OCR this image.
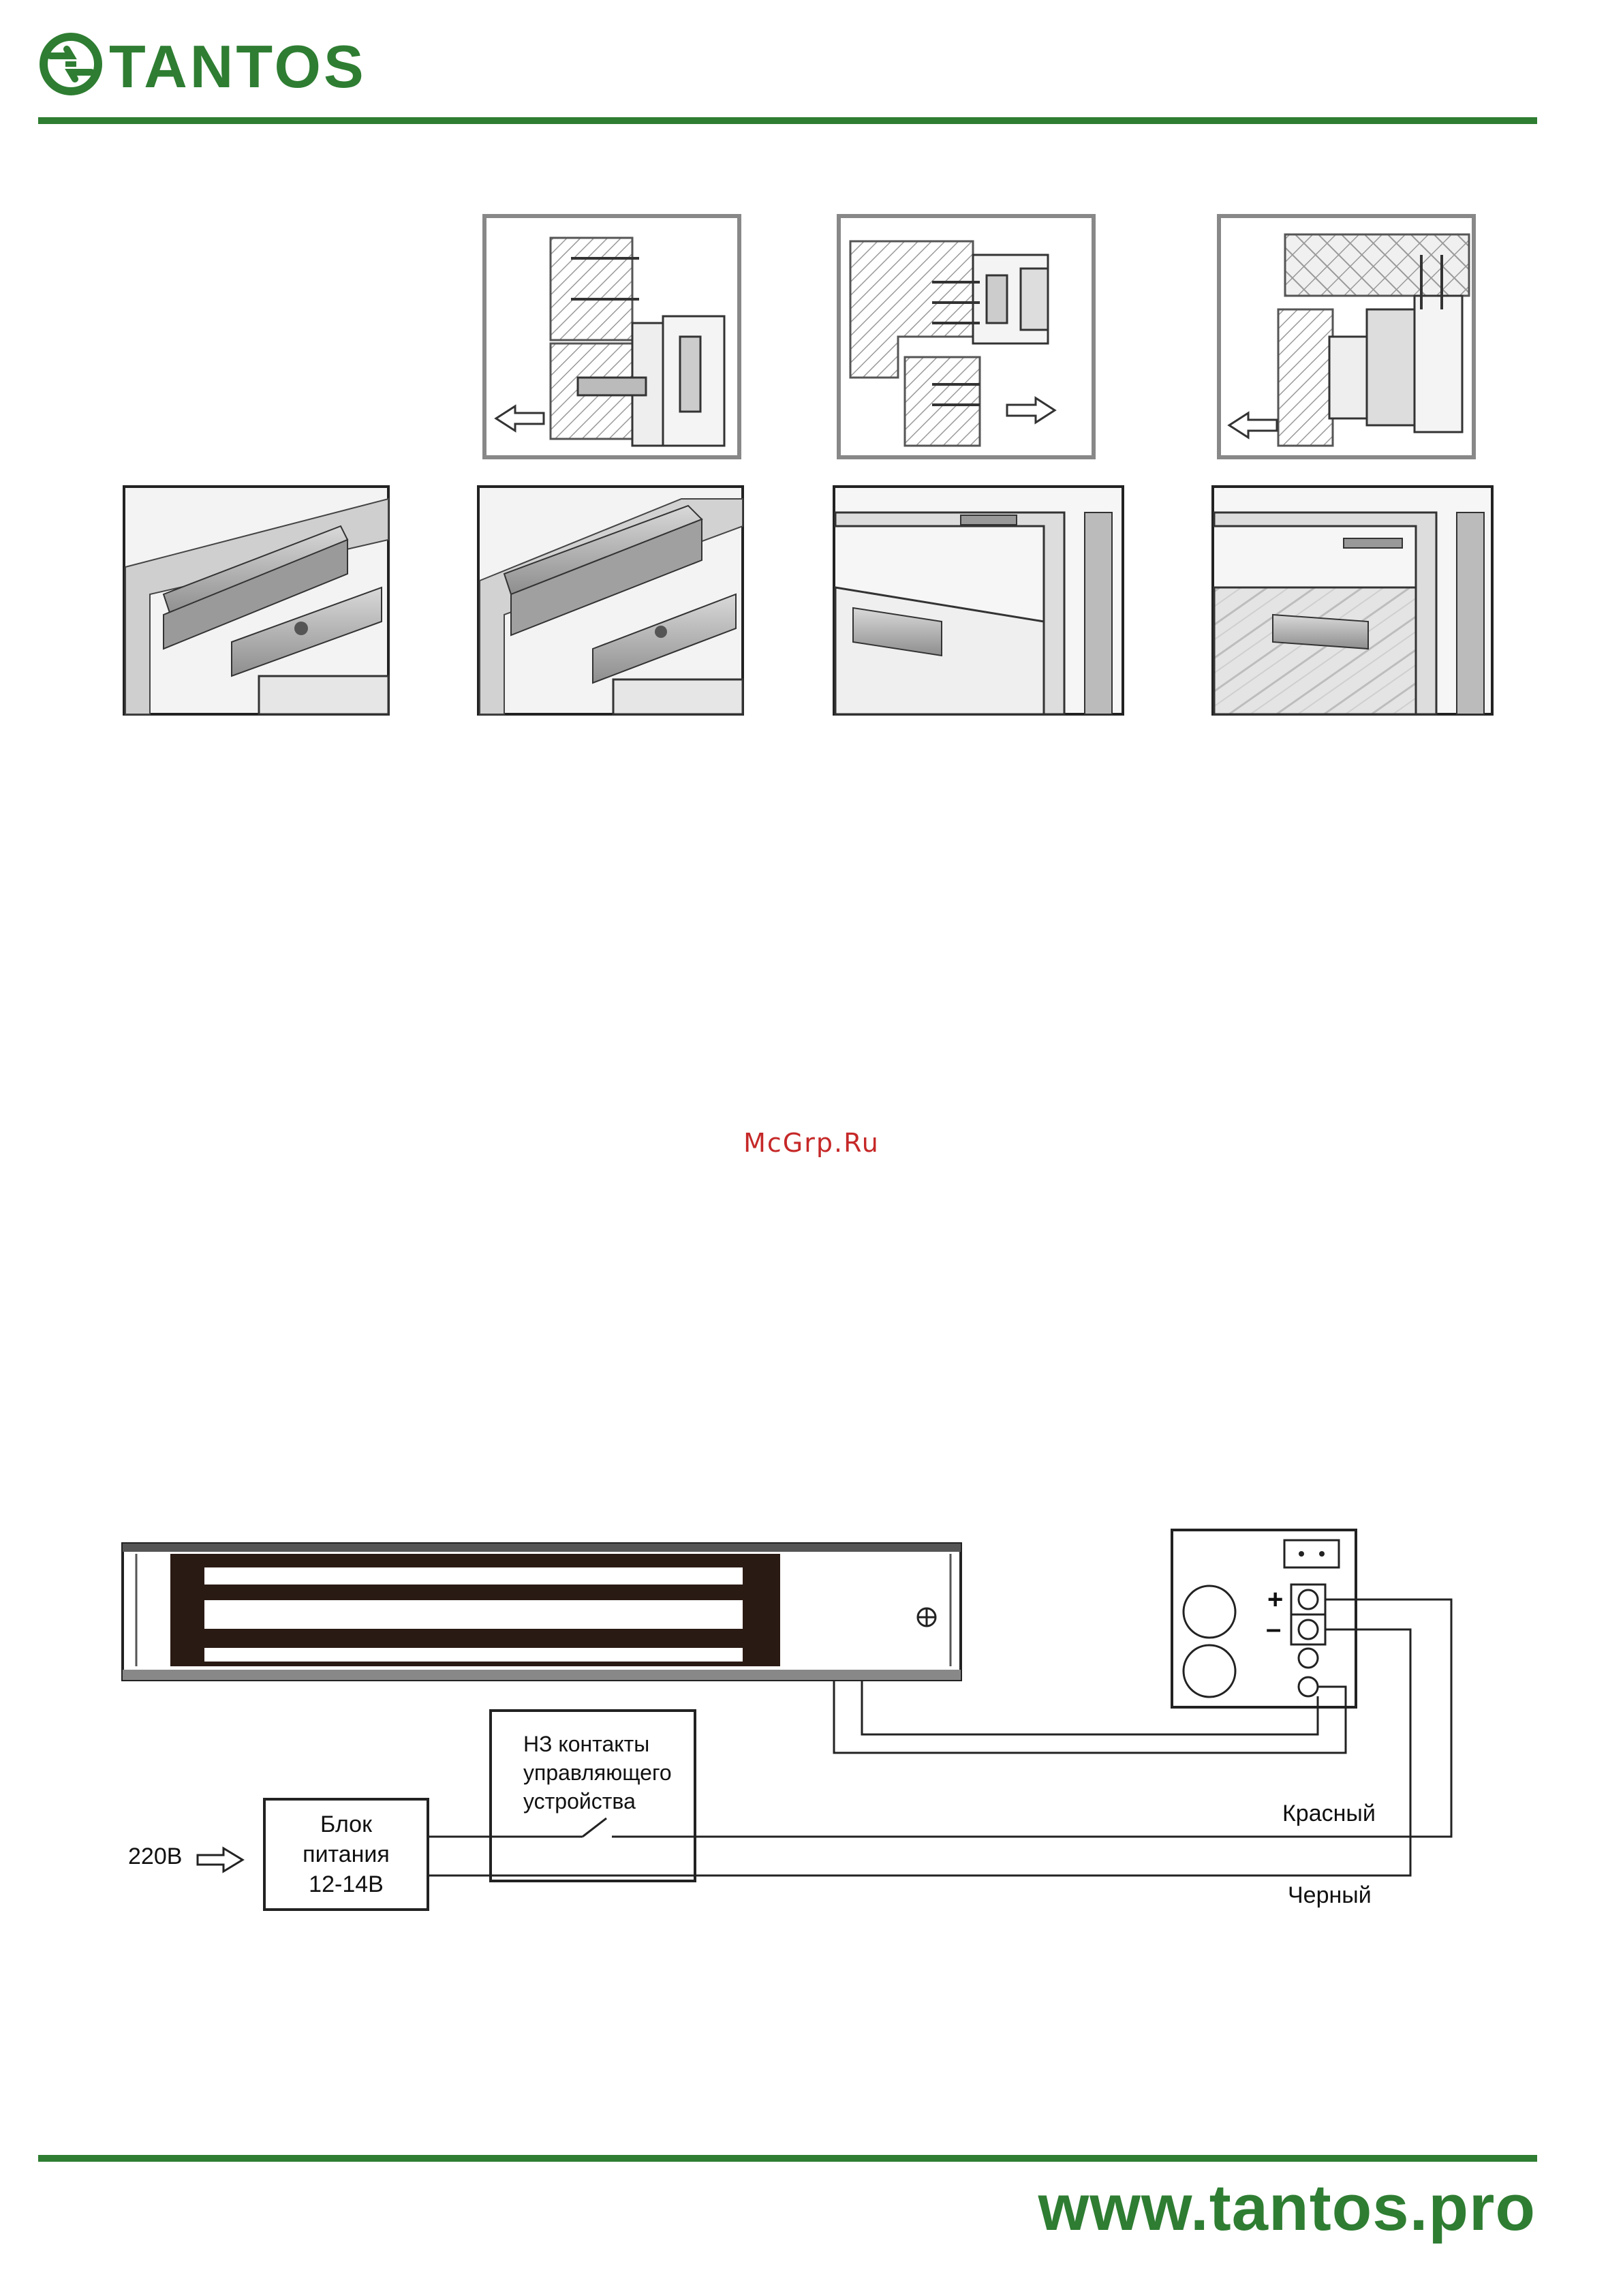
TANTOS
McGrp.Ru
+
–
НЗ контакты
управляющего
устройства
Блок
питания
12-14В
220В
Красный
Черный
www.tantos.pro
